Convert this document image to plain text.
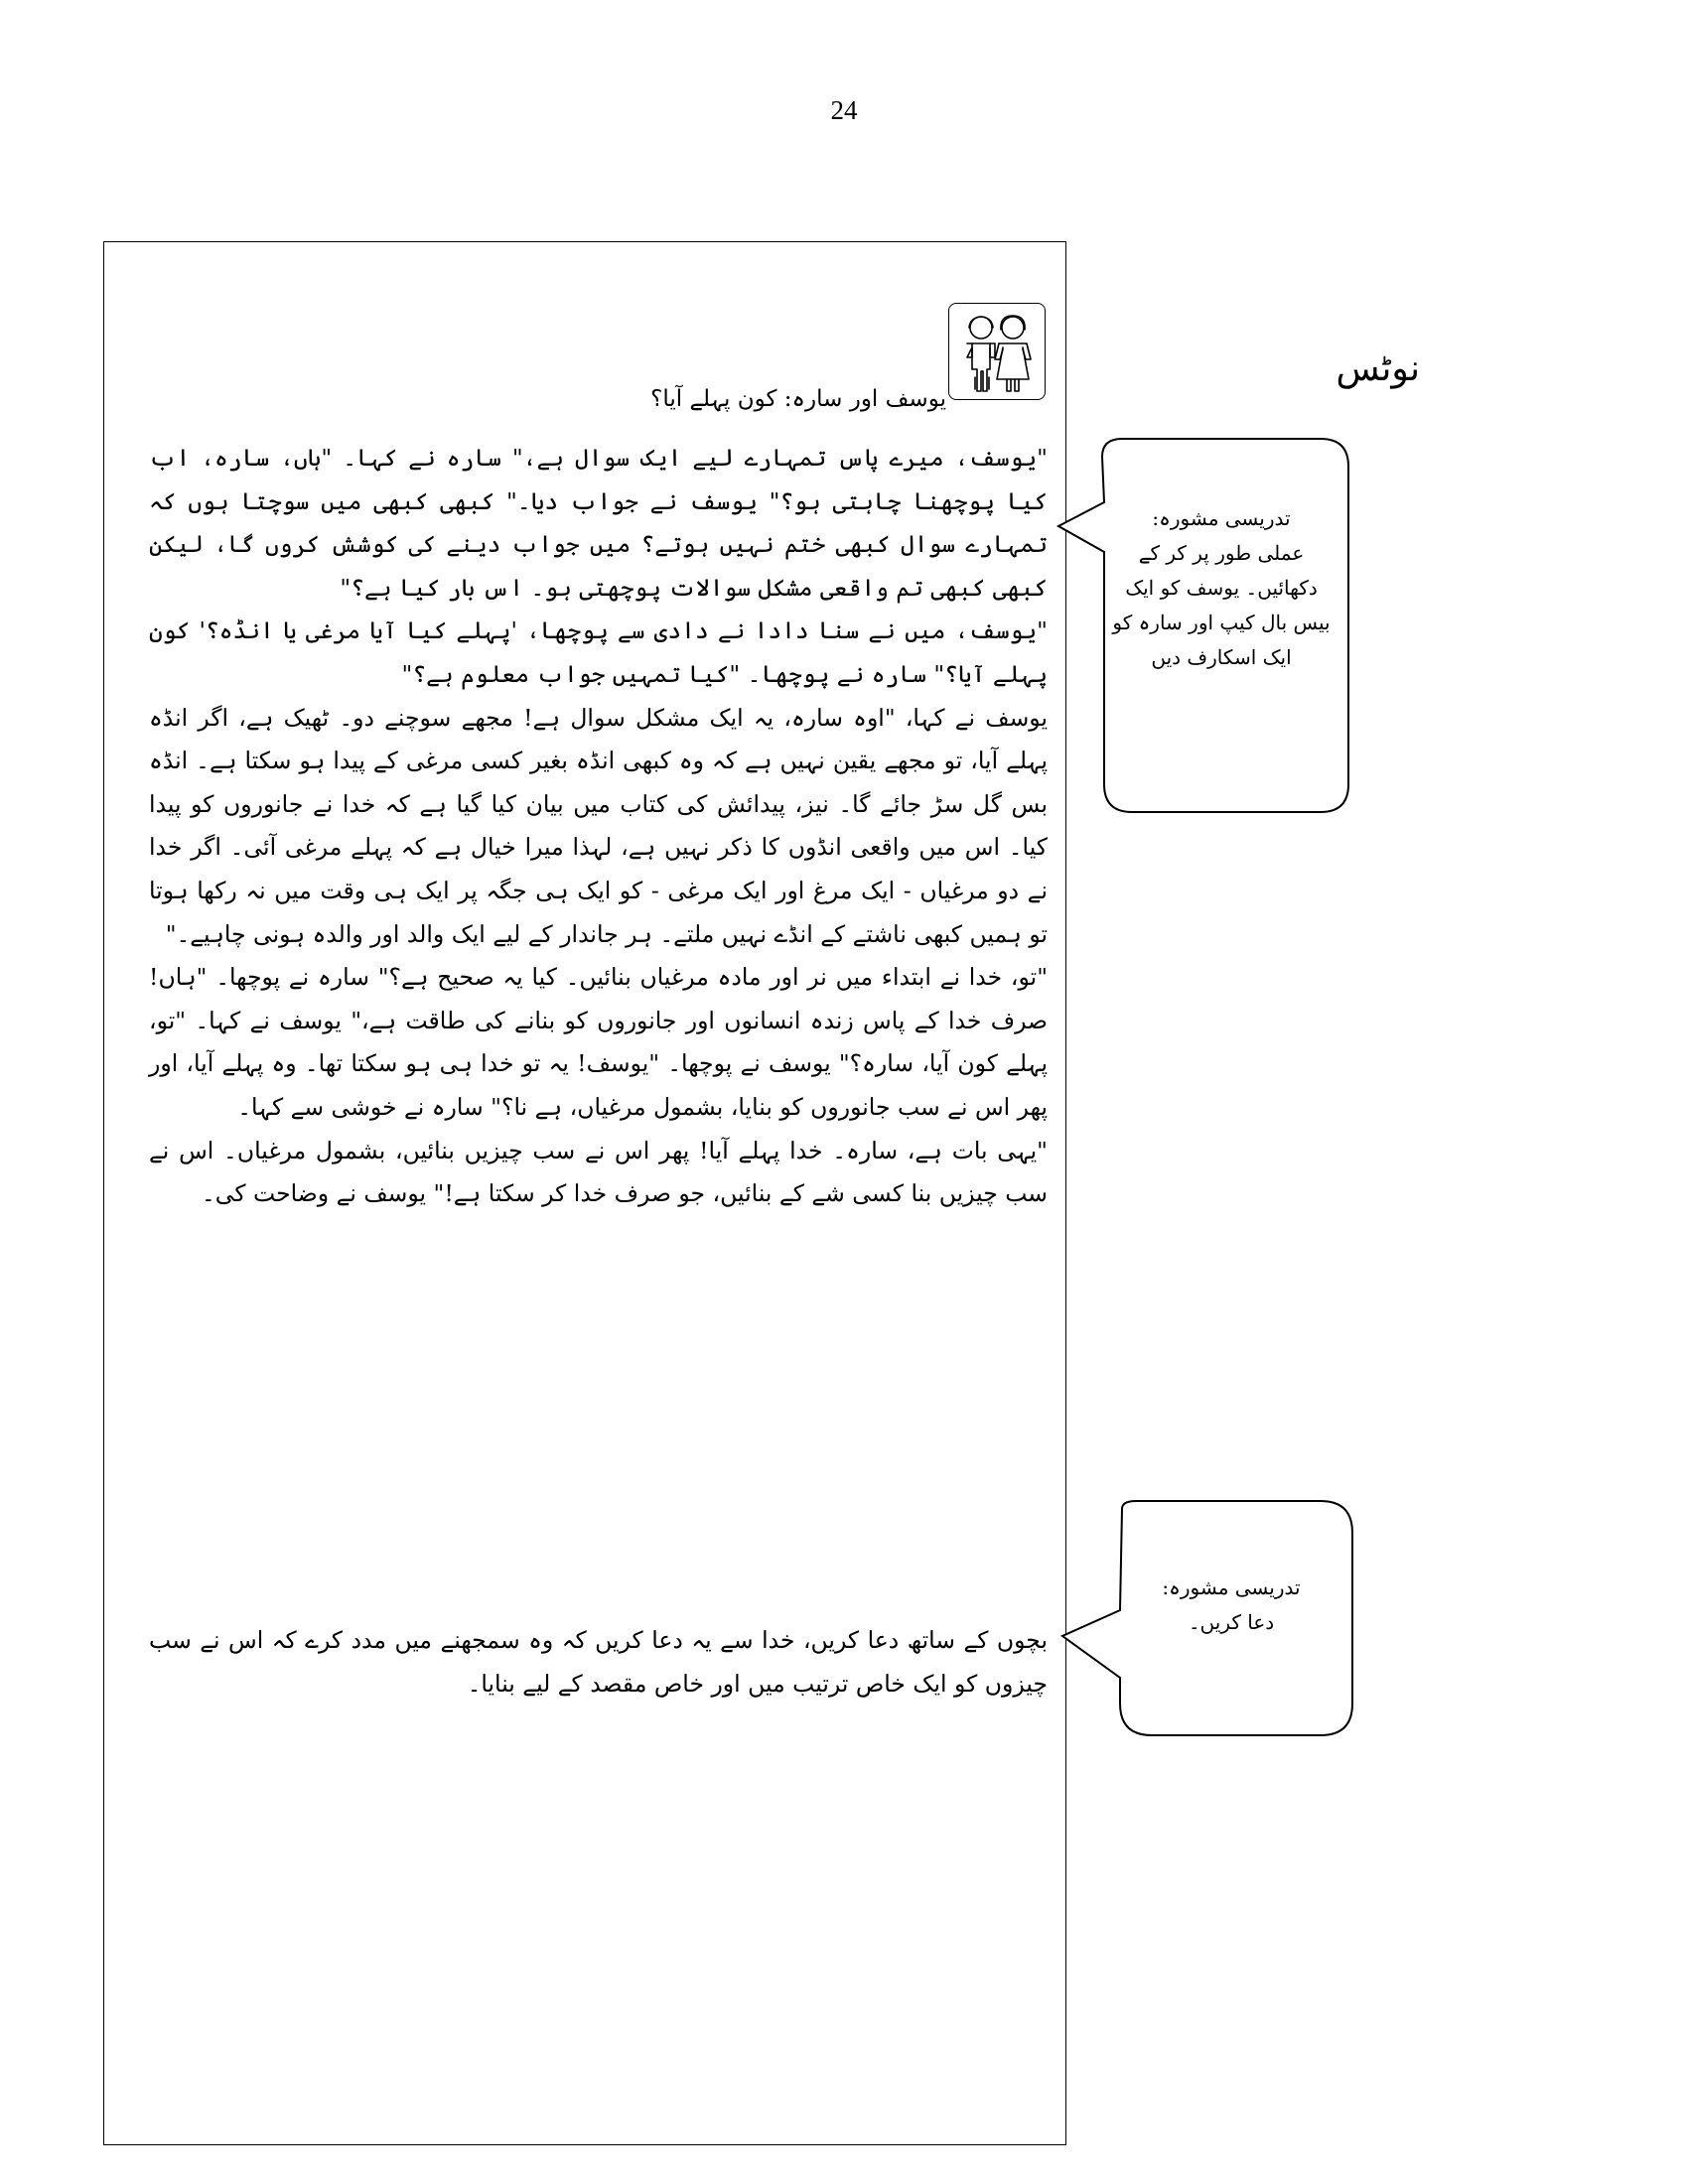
24
نوٹس
یوسف اور سارہ: کون پہلے آیا؟

"یوسف، میرے پاس تمہارے لیے ایک سوال ہے،" سارہ نے کہا۔ "ہاں، سارہ، اب کیا پوچھنا چاہتی ہو؟" یوسف نے جواب دیا۔" کبھی کبھی میں سوچتا ہوں کہ تمہارے سوال کبھی ختم نہیں ہوتے؟ میں جواب دینے کی کوشش کروں گا، لیکن کبھی کبھی تم واقعی مشکل سوالات پوچھتی ہو۔ اس بار کیا ہے؟"

"یوسف، میں نے سنا دادا نے دادی سے پوچھا، 'پہلے کیا آیا مرغی یا انڈہ؟' کون پہلے آیا؟" سارہ نے پوچھا۔ "کیا تمہیں جواب معلوم ہے؟"

یوسف نے کہا، "اوہ سارہ، یہ ایک مشکل سوال ہے! مجھے سوچنے دو۔ ٹھیک ہے، اگر انڈہ پہلے آیا، تو مجھے یقین نہیں ہے کہ وہ کبھی انڈہ بغیر کسی مرغی کے پیدا ہو سکتا ہے۔ انڈہ بس گل سڑ جائے گا۔ نیز، پیدائش کی کتاب میں بیان کیا گیا ہے کہ خدا نے جانوروں کو پیدا کیا۔ اس میں واقعی انڈوں کا ذکر نہیں ہے، لہذا میرا خیال ہے کہ پہلے مرغی آئی۔ اگر خدا نے دو مرغیاں - ایک مرغ اور ایک مرغی - کو ایک ہی جگہ پر ایک ہی وقت میں نہ رکھا ہوتا تو ہمیں کبھی ناشتے کے انڈے نہیں ملتے۔ ہر جاندار کے لیے ایک والد اور والدہ ہونی چاہیے۔"

"تو، خدا نے ابتداء میں نر اور مادہ مرغیاں بنائیں۔ کیا یہ صحیح ہے؟" سارہ نے پوچھا۔ "ہاں! صرف خدا کے پاس زندہ انسانوں اور جانوروں کو بنانے کی طاقت ہے،" یوسف نے کہا۔ "تو، پہلے کون آیا، سارہ؟" یوسف نے پوچھا۔ "یوسف! یہ تو خدا ہی ہو سکتا تھا۔ وہ پہلے آیا، اور پھر اس نے سب جانوروں کو بنایا، بشمول مرغیاں، ہے نا؟" سارہ نے خوشی سے کہا۔

"یہی بات ہے، سارہ۔ خدا پہلے آیا! پھر اس نے سب چیزیں بنائیں، بشمول مرغیاں۔ اس نے سب چیزیں بنا کسی شے کے بنائیں، جو صرف خدا کر سکتا ہے!" یوسف نے وضاحت کی۔

بچوں کے ساتھ دعا کریں، خدا سے یہ دعا کریں کہ وہ سمجھنے میں مدد کرے کہ اس نے سب چیزوں کو ایک خاص ترتیب میں اور خاص مقصد کے لیے بنایا۔

تدریسی مشورہ:
عملی طور پر کر کے
دکھائیں۔ یوسف کو ایک
بیس بال کیپ اور سارہ کو
ایک اسکارف دیں
تدریسی مشورہ:
دعا کریں۔
